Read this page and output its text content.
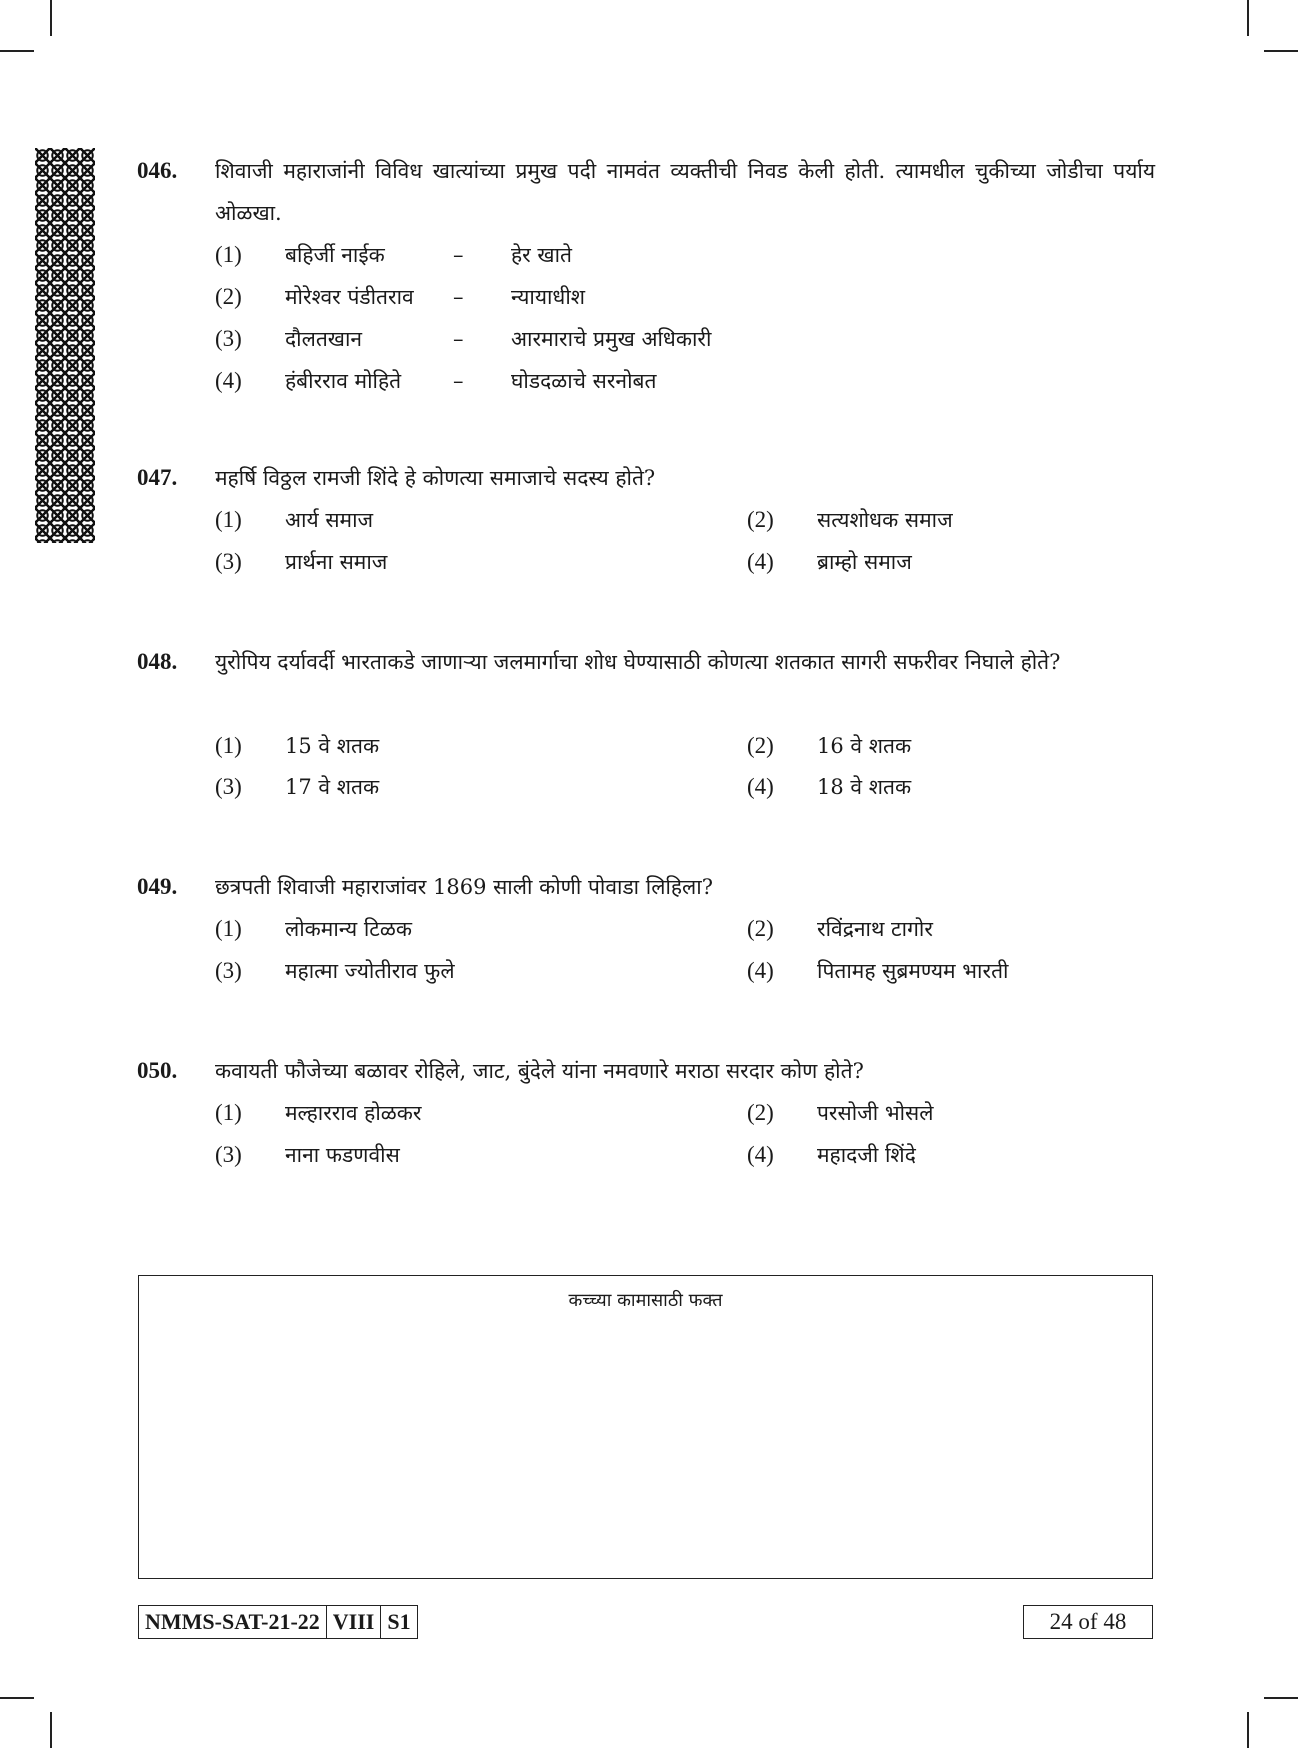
046. शिवाजी महाराजांनी विविध खात्यांच्या प्रमुख पदी नामवंत व्यक्तीची निवड केली होती. त्यामधील चुकीच्या जोडीचा पर्याय ओळखा.
(1) बहिर्जी नाईक	– हेर खाते
(2) मोरेश्वर पंडीतराव – न्यायाधीश
(3) दौलतखान	– आरमाराचे प्रमुख अधिकारी
(4) हंबीरराव मोहिते – घोडदळाचे सरनोबत
047. महर्षि विठ्ठल रामजी शिंदे हे कोणत्या समाजाचे सदस्य होते?
(1) आर्य समाज	(2) सत्यशोधक समाज
(3) प्रार्थना समाज	(4) ब्राम्हो समाज
048. युरोपिय दर्यावर्दी भारताकडे जाणाऱ्या जलमार्गाचा शोध घेण्यासाठी कोणत्या शतकात सागरी सफरीवर निघाले होते?
(1) 15 वे शतक	(2) 16 वे शतक
(3) 17 वे शतक	(4) 18 वे शतक
049. छत्रपती शिवाजी महाराजांवर 1869 साली कोणी पोवाडा लिहिला?
(1) लोकमान्य टिळक	(2) रविंद्रनाथ टागोर
(3) महात्मा ज्योतीराव फुले	(4) पितामह सुब्रमण्यम भारती
050. कवायती फौजेच्या बळावर रोहिले, जाट, बुंदेले यांना नमवणारे मराठा सरदार कोण होते?
(1) मल्हारराव होळकर	(2) परसोजी भोसले
(3) नाना फडणवीस	(4) महादजी शिंदे
कच्च्या कामासाठी फक्त
NMMS-SAT-21-22 VIII S1	24 of 48
